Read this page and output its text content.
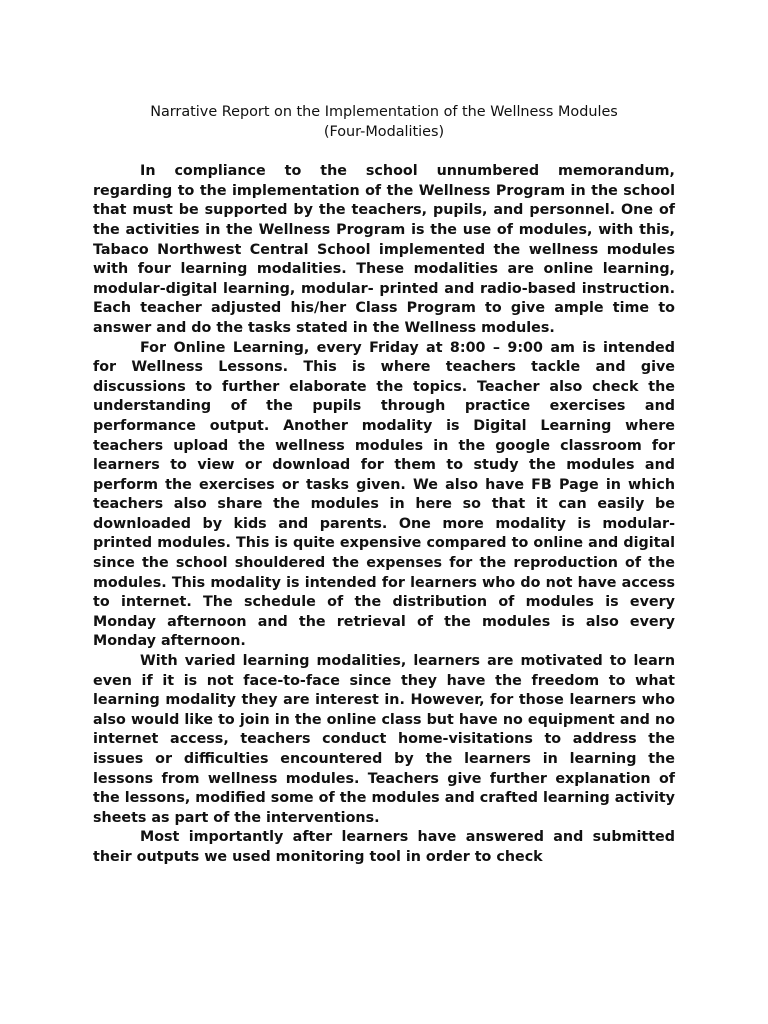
Narrative Report on the Implementation of the Wellness Modules
(Four-Modalities)

In compliance to the school unnumbered memorandum, regarding to the implementation of the Wellness Program in the school that must be supported by the teachers, pupils, and personnel. One of the activities in the Wellness Program is the use of modules, with this, Tabaco Northwest Central School implemented the wellness modules with four learning modalities. These modalities are online learning, modular-digital learning, modular- printed and radio-based instruction. Each teacher adjusted his/her Class Program to give ample time to answer and do the tasks stated in the Wellness modules.

For Online Learning, every Friday at 8:00 – 9:00 am is intended for Wellness Lessons. This is where teachers tackle and give discussions to further elaborate the topics. Teacher also check the understanding of the pupils through practice exercises and performance output. Another modality is Digital Learning where teachers upload the wellness modules in the google classroom for learners to view or download for them to study the modules and perform the exercises or tasks given. We also have FB Page in which teachers also share the modules in here so that it can easily be downloaded by kids and parents. One more modality is modular-printed modules. This is quite expensive compared to online and digital since the school shouldered the expenses for the reproduction of the modules. This modality is intended for learners who do not have access to internet. The schedule of the distribution of modules is every Monday afternoon and the retrieval of the modules is also every Monday afternoon.

With varied learning modalities, learners are motivated to learn even if it is not face-to-face since they have the freedom to what learning modality they are interest in. However, for those learners who also would like to join in the online class but have no equipment and no internet access, teachers conduct home-visitations to address the issues or difficulties encountered by the learners in learning the lessons from wellness modules. Teachers give further explanation of the lessons, modified some of the modules and crafted learning activity sheets as part of the interventions.

Most importantly after learners have answered and submitted their outputs we used monitoring tool in order to check
